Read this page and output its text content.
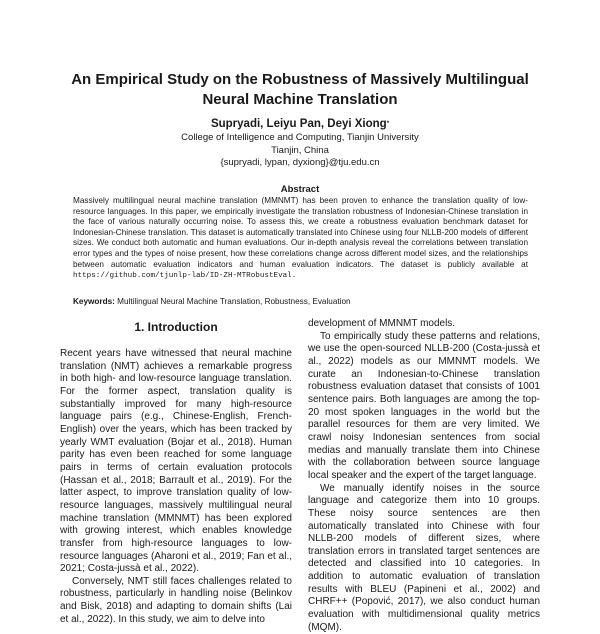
An Empirical Study on the Robustness of Massively Multilingual Neural Machine Translation

Supryadi, Leiyu Pan, Deyi Xiong*

College of Intelligence and Computing, Tianjin University
Tianjin, China
{supryadi, lypan, dyxiong}@tju.edu.cn
Abstract

Massively multilingual neural machine translation (MMNMT) has been proven to enhance the translation quality of low-resource languages. In this paper, we empirically investigate the translation robustness of Indonesian-Chinese translation in the face of various naturally occurring noise. To assess this, we create a robustness evaluation benchmark dataset for Indonesian-Chinese translation. This dataset is automatically translated into Chinese using four NLLB-200 models of different sizes. We conduct both automatic and human evaluations. Our in-depth analysis reveal the correlations between translation error types and the types of noise present, how these correlations change across different model sizes, and the relationships between automatic evaluation indicators and human evaluation indicators. The dataset is publicly available at https://github.com/tjunlp-lab/ID-ZH-MTRobustEval.

Keywords: Multilingual Neural Machine Translation, Robustness, Evaluation

1. Introduction

Recent years have witnessed that neural machine translation (NMT) achieves a remarkable progress in both high- and low-resource language translation. For the former aspect, translation quality is substantially improved for many high-resource language pairs (e.g., Chinese-English, French-English) over the years, which has been tracked by yearly WMT evaluation (Bojar et al., 2018). Human parity has even been reached for some language pairs in terms of certain evaluation protocols (Hassan et al., 2018; Barrault et al., 2019). For the latter aspect, to improve translation quality of low-resource languages, massively multilingual neural machine translation (MMNMT) has been explored with growing interest, which enables knowledge transfer from high-resource languages to low-resource languages (Aharoni et al., 2019; Fan et al., 2021; Costa-jussà et al., 2022).

Conversely, NMT still faces challenges related to robustness, particularly in handling noise (Belinkov and Bisk, 2018) and adapting to domain shifts (Lai et al., 2022). In this study, we aim to delve into

development of MMNMT models.

To empirically study these patterns and relations, we use the open-sourced NLLB-200 (Costa-jussà et al., 2022) models as our MMNMT models. We curate an Indonesian-to-Chinese translation robustness evaluation dataset that consists of 1001 sentence pairs. Both languages are among the top-20 most spoken languages in the world but the parallel resources for them are very limited. We crawl noisy Indonesian sentences from social medias and manually translate them into Chinese with the collaboration between source language local speaker and the expert of the target language.

We manually identify noises in the source language and categorize them into 10 groups. These noisy source sentences are then automatically translated into Chinese with four NLLB-200 models of different sizes, where translation errors in translated target sentences are detected and classified into 10 categories. In addition to automatic evaluation of translation results with BLEU (Papineni et al., 2002) and CHRF++ (Popović, 2017), we also conduct human evaluation with multidimensional quality metrics (MQM).
